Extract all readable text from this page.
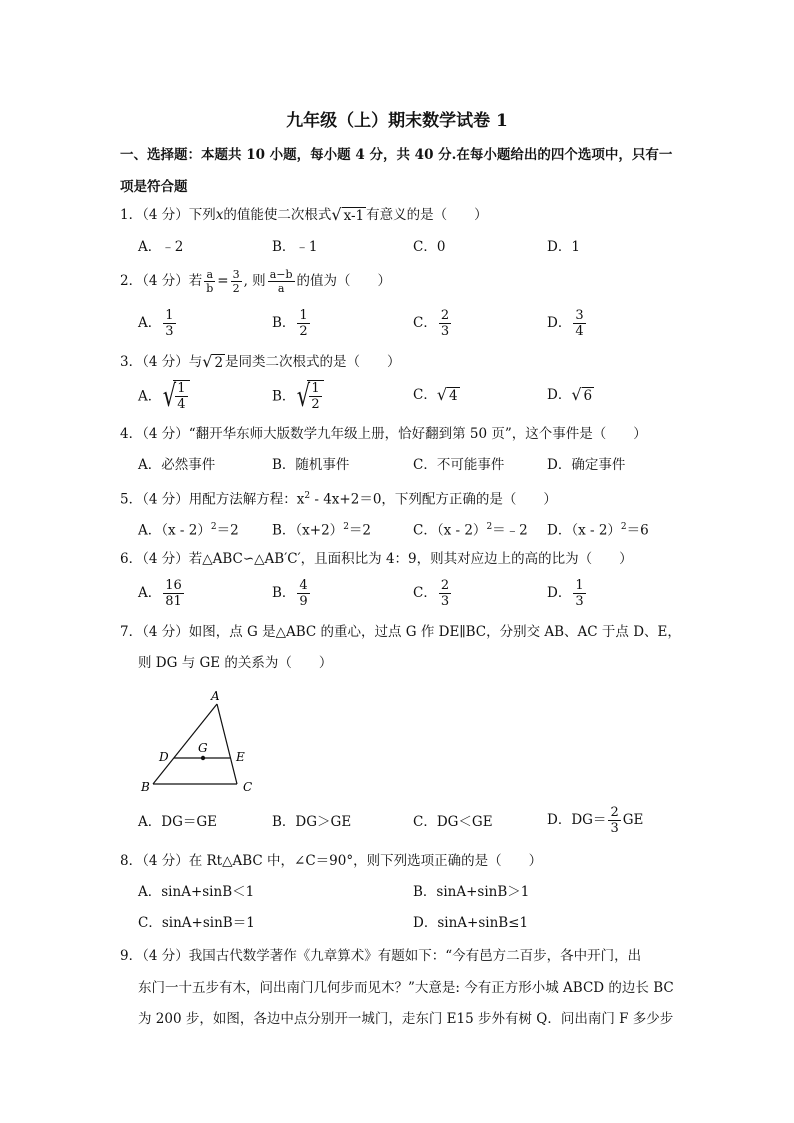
九年级（上）期末数学试卷 1
一、选择题：本题共 10 小题，每小题 4 分，共 40 分.在每小题给出的四个选项中，只有一
项是符合题
1．（4 分）下列x的值能使二次根式√ x-1 有意义的是（　　）
A．﹣2	B．﹣1	C．0	D．1
2．（4 分）若 $\frac{a}{b} = \frac{3}{2}$ , 则 $\frac{a-b}{a}$ 的值为（　　）
A． $\frac{1}{3}$	B． $\frac{1}{2}$	C． $\frac{2}{3}$	D． $\frac{3}{4}$
3．（4 分）与√ 2 是同类二次根式的是（　　）
A． √
$\frac{1}{4}$	B． √
$\frac{1}{2}$	C．√ 4	D．√ 6
4．（4 分）“翻开华东师大版数学九年级上册，恰好翻到第 50 页”，这个事件是（　　）
A．必然事件	B．随机事件	C．不可能事件	D．确定事件
5．（4 分）用配方法解方程：$x^2 - 4x+2=0$，下列配方正确的是（　　）
A．（x - 2）$^2$＝2 B．$(x+2)^2=2$	C．（x - 2）$^2$＝﹣2 D．（x - 2）$^2$＝6
6．（4 分）若△ABC∽△AB′C′，且面积比为 4：9，则其对应边上的高的比为（　　）
A． $\frac{16}{81}$	B． $\frac{4}{9}$	C． $\frac{2}{3}$	D． $\frac{1}{3}$
7．（4 分）如图，点 G 是△ABC 的重心，过点 G 作 DE∥BC，分别交 AB、AC 于点 D、E，
则 DG 与 GE 的关系为（　　）
A
B	C
D	E
G
A．DG＝GE	B．DG＞GE	C．DG＜GE	D．$DG= \frac{2}{3}$ GE
8．（4 分）在 Rt△ABC 中，∠C＝90°，则下列选项正确的是（　　）
A．sinA+sinB＜1	B．sinA+sinB＞1
C．sinA+sinB＝1	D．sinA+sinB≤1
9．（4 分）我国古代数学著作《九章算术》有题如下：“今有邑方二百步，各中开门，出
东门一十五步有木，问出南门几何步而见木？”大意是: 今有正方形小城 ABCD 的边长 BC
为 200 步，如图，各边中点分别开一城门，走东门 E15 步外有树 Q．问出南门 F 多少步
